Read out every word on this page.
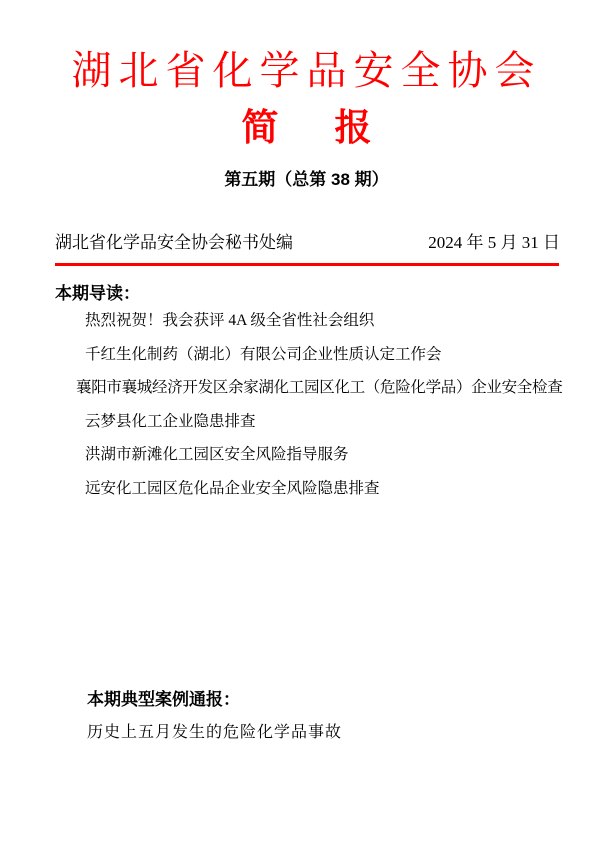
湖北省化学品安全协会
简 报
第五期（总第 38 期）
湖北省化学品安全协会秘书处编	2024 年 5 月 31 日
本期导读：
热烈祝贺！我会获评 4A 级全省性社会组织
千红生化制药（湖北）有限公司企业性质认定工作会
襄阳市襄城经济开发区余家湖化工园区化工（危险化学品）企业安全检查
云梦县化工企业隐患排查
洪湖市新滩化工园区安全风险指导服务
远安化工园区危化品企业安全风险隐患排查
本期典型案例通报：
历史上五月发生的危险化学品事故
